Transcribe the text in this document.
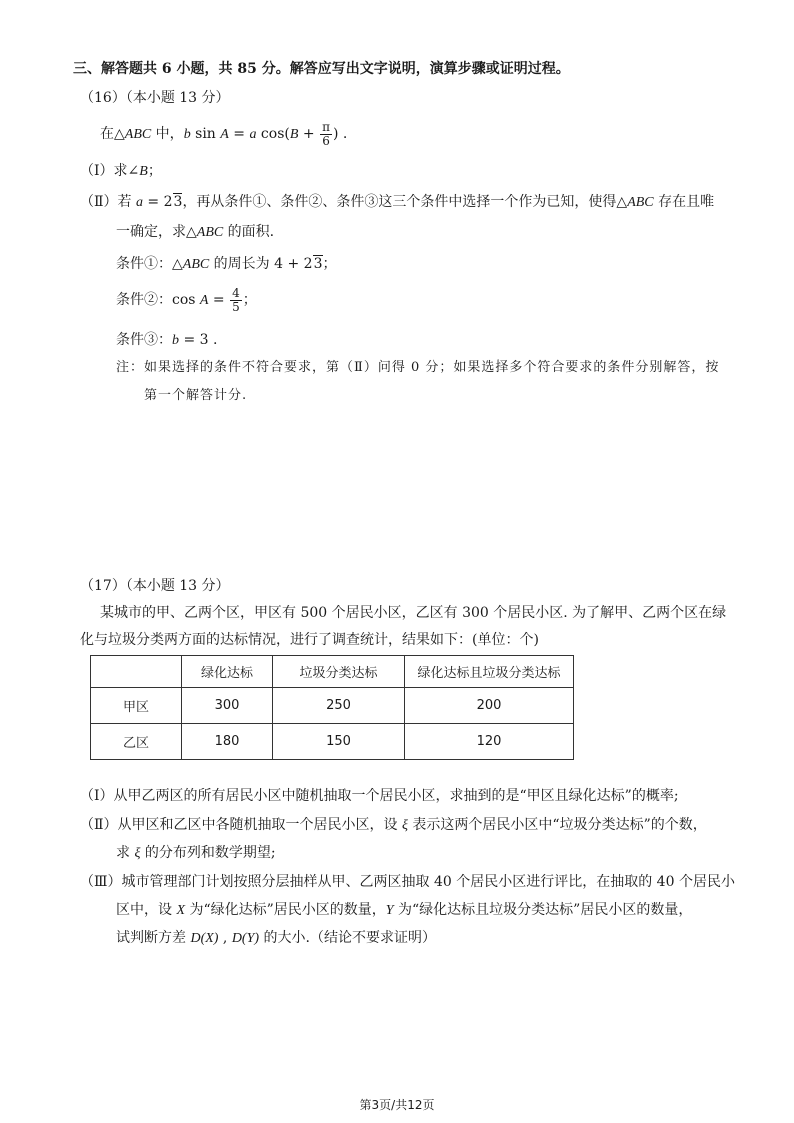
三、解答题共 6 小题，共 85 分。解答应写出文字说明，演算步骤或证明过程。
（16）（本小题 13 分）
在△ABC 中，b sin A = a $\cos(B + \frac{\pi}{6}$ ) .
（Ⅰ）求∠B；
（Ⅱ）若 a = 23，再从条件①、条件②、条件③这三个条件中选择一个作为已知，使得△ABC 存在且唯
一确定，求△ABC 的面积.
条件①：△ABC 的周长为 4 + 23；
条件②：$\cos A = \frac{4}{5}$ ；
条件③：b = 3 .
注：如果选择的条件不符合要求，第（Ⅱ）问得 0 分；如果选择多个符合要求的条件分别解答，按
第一个解答计分.
（17）（本小题 13 分）
某城市的甲、乙两个区，甲区有 500 个居民小区，乙区有 300 个居民小区. 为了解甲、乙两个区在绿
化与垃圾分类两方面的达标情况，进行了调查统计，结果如下：(单位：个)
	绿化达标	垃圾分类达标	绿化达标且垃圾分类达标
甲区	300	250	200
乙区	180	150	120
（Ⅰ）从甲乙两区的所有居民小区中随机抽取一个居民小区，求抽到的是“甲区且绿化达标”的概率;
（Ⅱ）从甲区和乙区中各随机抽取一个居民小区，设 ξ 表示这两个居民小区中“垃圾分类达标”的个数，
求 ξ 的分布列和数学期望;
（Ⅲ）城市管理部门计划按照分层抽样从甲、乙两区抽取 40 个居民小区进行评比，在抽取的 40 个居民小
区中，设 X 为“绿化达标”居民小区的数量，Y 为“绿化达标且垃圾分类达标”居民小区的数量，
试判断方差 D(X) , D(Y) 的大小.（结论不要求证明）
第3页/共12页
